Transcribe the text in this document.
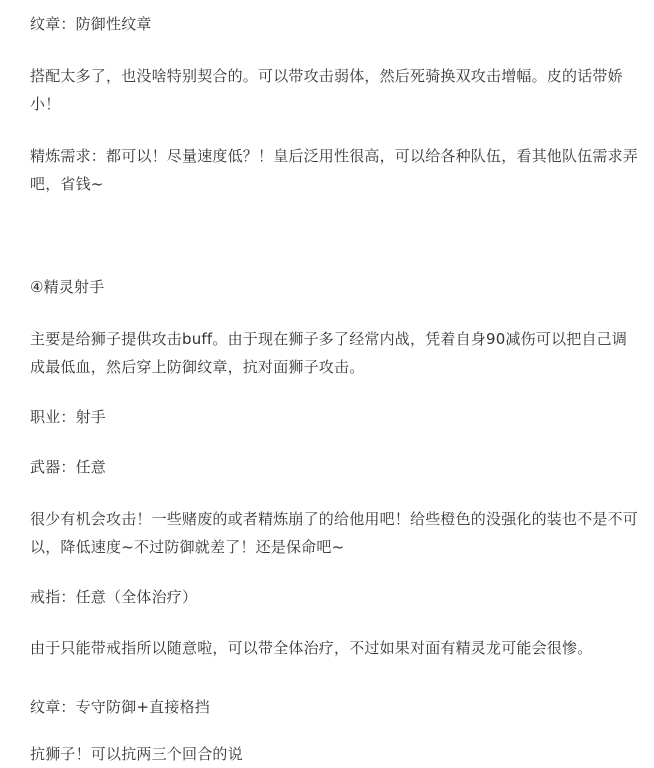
纹章：防御性纹章

搭配太多了，也没啥特别契合的。可以带攻击弱体，然后死骑换双攻击增幅。皮的话带娇小！

精炼需求：都可以！尽量速度低？！皇后泛用性很高，可以给各种队伍，看其他队伍需求弄吧，省钱~

④精灵射手

主要是给狮子提供攻击buff。由于现在狮子多了经常内战，凭着自身90减伤可以把自己调成最低血，然后穿上防御纹章，抗对面狮子攻击。

职业：射手

武器：任意

很少有机会攻击！一些赌废的或者精炼崩了的给他用吧！给些橙色的没强化的装也不是不可以，降低速度~不过防御就差了！还是保命吧~

戒指：任意（全体治疗）

由于只能带戒指所以随意啦，可以带全体治疗，不过如果对面有精灵龙可能会很惨。

纹章：专守防御+直接格挡

抗狮子！可以抗两三个回合的说
